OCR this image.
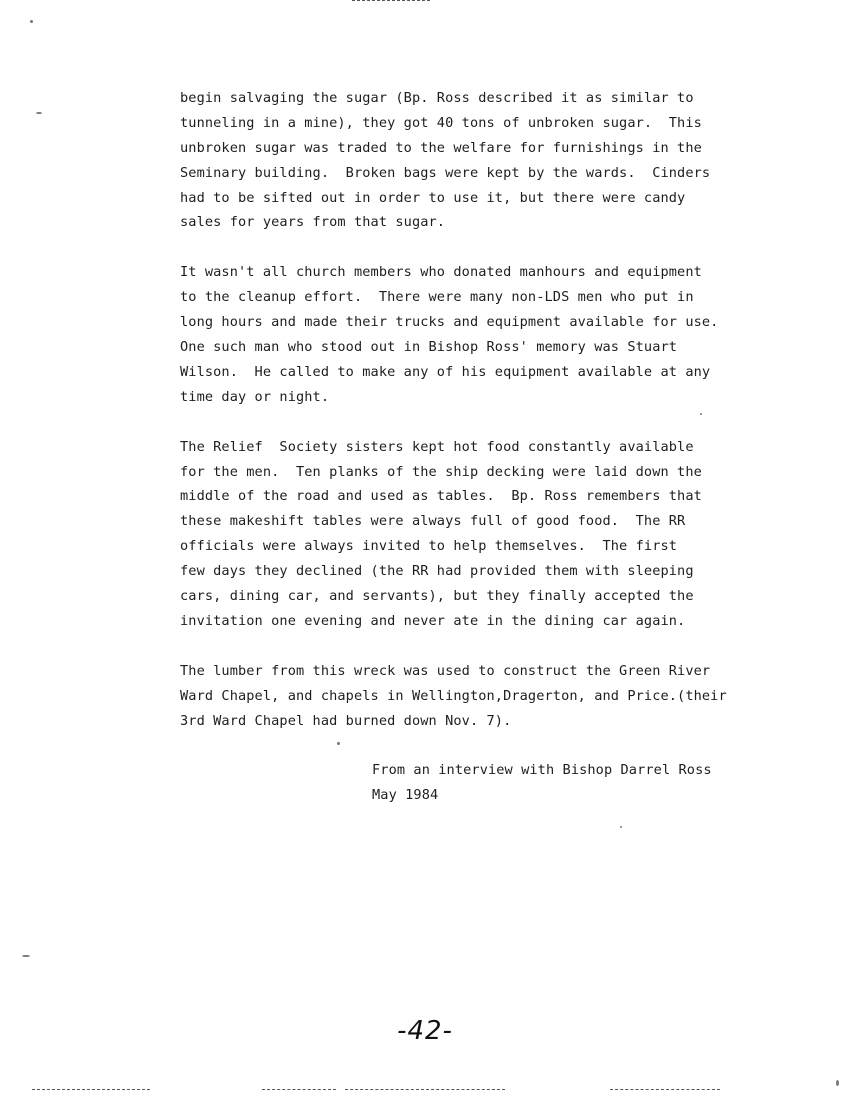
begin salvaging the sugar (Bp. Ross described it as similar to
tunneling in a mine), they got 40 tons of unbroken sugar.  This
unbroken sugar was traded to the welfare for furnishings in the
Seminary building.  Broken bags were kept by the wards.  Cinders
had to be sifted out in order to use it, but there were candy
sales for years from that sugar.
It wasn't all church members who donated manhours and equipment
to the cleanup effort.  There were many non-LDS men who put in
long hours and made their trucks and equipment available for use.
One such man who stood out in Bishop Ross' memory was Stuart
Wilson.  He called to make any of his equipment available at any
time day or night.
The Relief  Society sisters kept hot food constantly available
for the men.  Ten planks of the ship decking were laid down the
middle of the road and used as tables.  Bp. Ross remembers that
these makeshift tables were always full of good food.  The RR
officials were always invited to help themselves.  The first
few days they declined (the RR had provided them with sleeping
cars, dining car, and servants), but they finally accepted the
invitation one evening and never ate in the dining car again.
The lumber from this wreck was used to construct the Green River
Ward Chapel, and chapels in Wellington,Dragerton, and Price.(their
3rd Ward Chapel had burned down Nov. 7).
From an interview with Bishop Darrel Ross
May 1984
-42-
